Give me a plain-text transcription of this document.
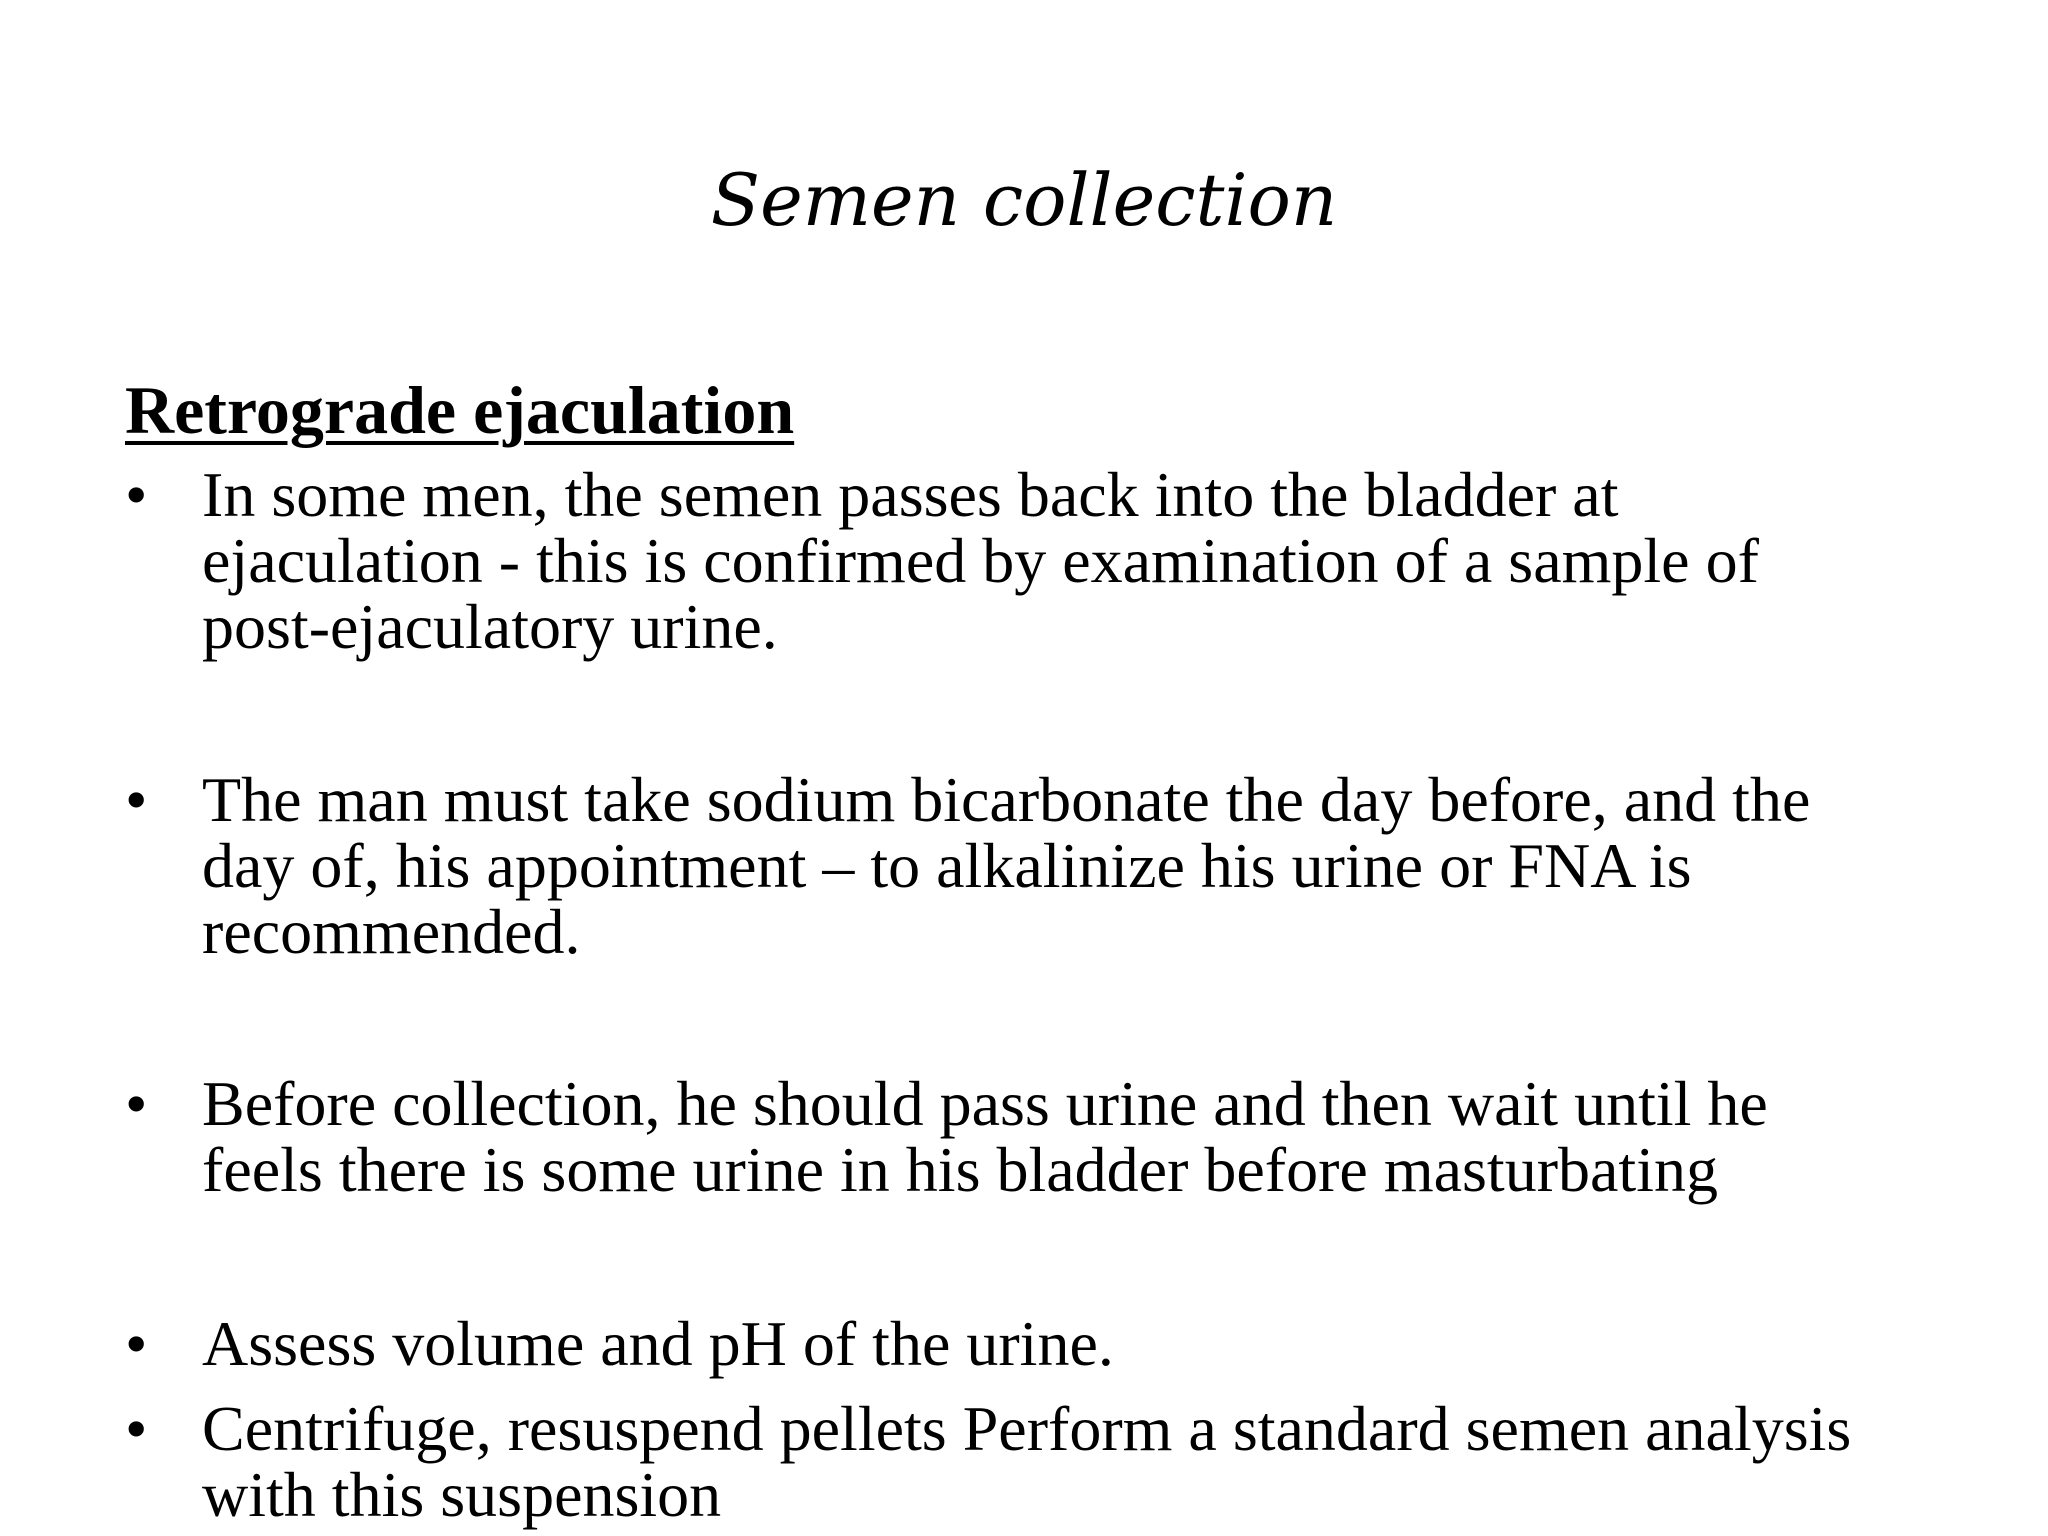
Semen collection
Retrograde ejaculation
• In some men, the semen passes back into the bladder at
ejaculation - this is confirmed by examination of a sample of
post-ejaculatory urine.
• The man must take sodium bicarbonate the day before, and the
day of, his appointment – to alkalinize his urine or FNA is
recommended.
• Before collection, he should pass urine and then wait until he
feels there is some urine in his bladder before masturbating
• Assess volume and pH of the urine.
• Centrifuge, resuspend pellets Perform a standard semen analysis
with this suspension
